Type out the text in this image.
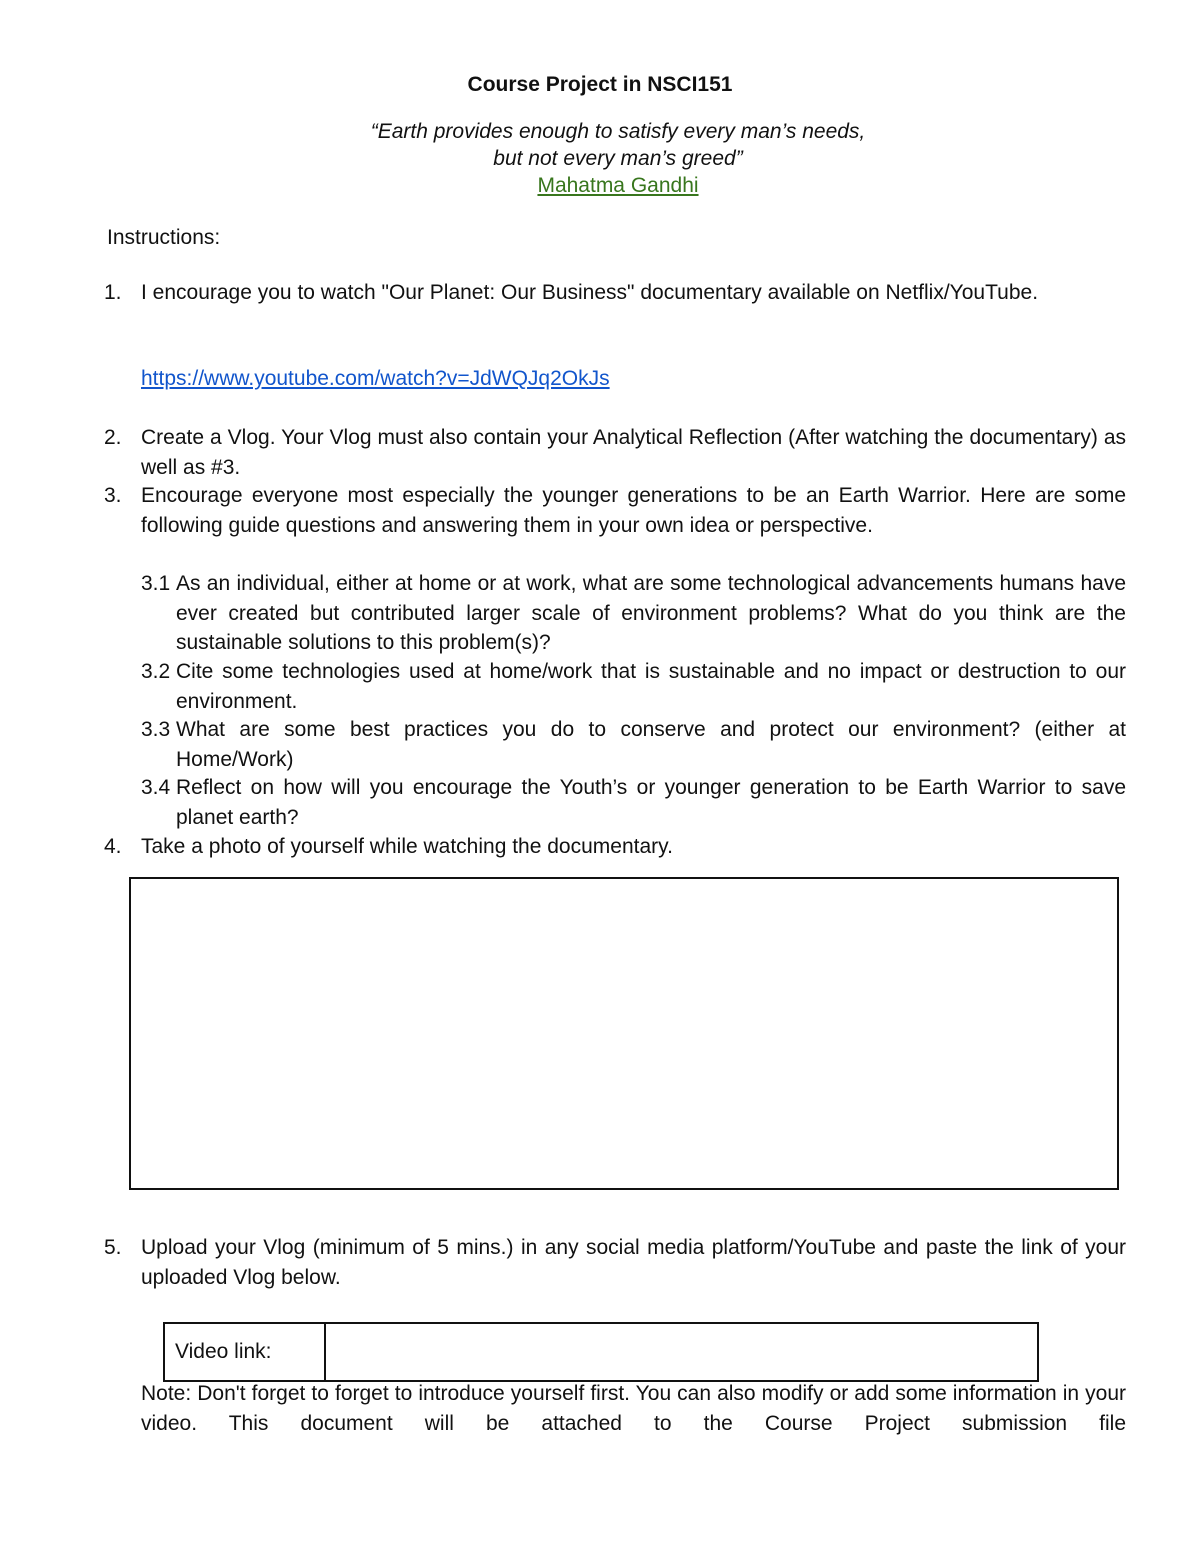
Course Project in NSCI151
“Earth provides enough to satisfy every man’s needs,
but not every man’s greed”
Mahatma Gandhi
Instructions:
1. I encourage you to watch "Our Planet: Our Business" documentary available on Netflix/YouTube.
https://www.youtube.com/watch?v=JdWQJq2OkJs
2. Create a Vlog. Your Vlog must also contain your Analytical Reflection (After watching the documentary) as well as #3.
3. Encourage everyone most especially the younger generations to be an Earth Warrior. Here are some following guide questions and answering them in your own idea or perspective.
3.1 As an individual, either at home or at work, what are some technological advancements humans have ever created but contributed larger scale of environment problems? What do you think are the sustainable solutions to this problem(s)?
3.2 Cite some technologies used at home/work that is sustainable and no impact or destruction to our environment.
3.3 What are some best practices you do to conserve and protect our environment? (either at Home/Work)
3.4 Reflect on how will you encourage the Youth’s or younger generation to be Earth Warrior to save planet earth?
4. Take a photo of yourself while watching the documentary.
5. Upload your Vlog (minimum of 5 mins.) in any social media platform/YouTube and paste the link of your uploaded Vlog below.
Video link:
Note: Don't forget to forget to introduce yourself first. You can also modify or add some information in your video. This document will be attached to the Course Project submission file
